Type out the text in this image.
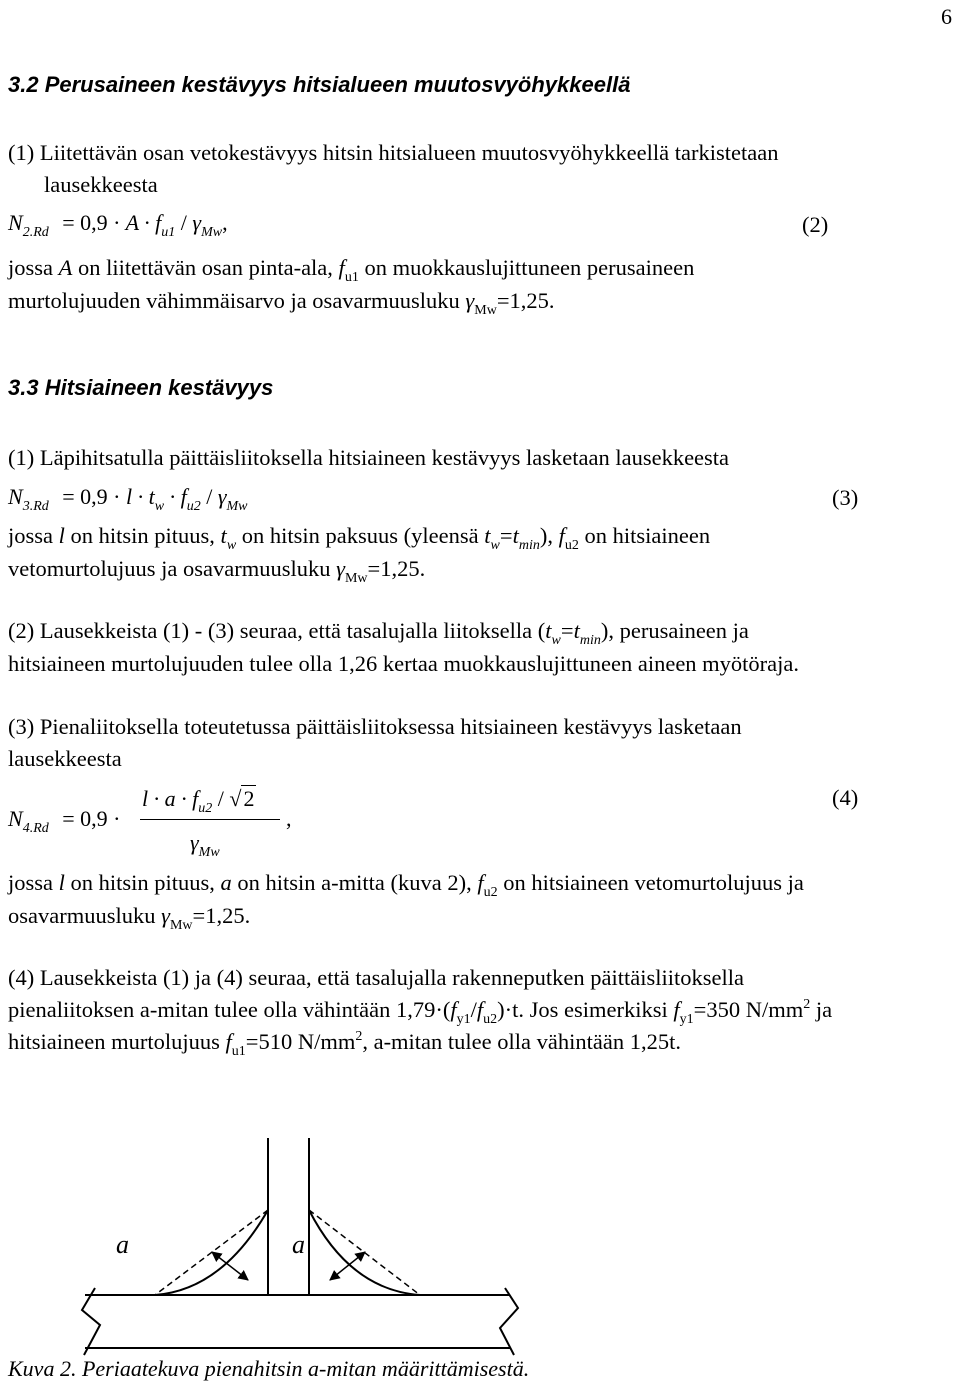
6
3.2 Perusaineen kestävyys hitsialueen muutosvyöhykkeellä
(1) Liitettävän osan vetokestävyys hitsin hitsialueen muutosvyöhykkeellä tarkistetaan
lausekkeesta
$N_{2.Rd} = 0,9 \cdot A \cdot f_{u1} / \gamma_{Mw}$,	(2)
jossa A on liitettävän osan pinta-ala, $f_{u1}$ on muokkauslujittuneen perusaineen
murtolujuuden vähimmäisarvo ja osavarmuusluku $\gamma_{Mw}=1,25$.
3.3 Hitsiaineen kestävyys
(1) Läpihitsatulla päittäisliitoksella hitsiaineen kestävyys lasketaan lausekkeesta
$N_{3.Rd} = 0,9 \cdot l \cdot t_w \cdot f_{u2} / \gamma_{Mw}$	(3)
jossa l on hitsin pituus, $t_w$ on hitsin paksuus (yleensä $t_w=t_{min}$), $f_{u2}$ on hitsiaineen
vetomurtolujuus ja osavarmuusluku $\gamma_{Mw}=1,25$.
(2) Lausekkeista (1) - (3) seuraa, että tasalujalla liitoksella $(t_w=t_{min})$, perusaineen ja
hitsiaineen murtolujuuden tulee olla 1,26 kertaa muokkauslujittuneen aineen myötöraja.
(3) Pienaliitoksella toteutetussa päittäisliitoksessa hitsiaineen kestävyys lasketaan
lausekkeesta
$N_{4.Rd} = 0,9$ ·
$l \cdot a \cdot f_{u2} / √2$
$\gamma_{Mw}$
,
(4)
jossa l on hitsin pituus, a on hitsin a-mitta (kuva 2), $f_{u2}$ on hitsiaineen vetomurtolujuus ja
osavarmuusluku $\gamma_{Mw}=1,25$.
(4) Lausekkeista (1) ja (4) seuraa, että tasalujalla rakenneputken päittäisliitoksella
pienaliitoksen a-mitan tulee olla vähintään $1,79\cdot(f_{y1}/f_{u2})\cdot t$. Jos esimerkiksi $f_{y1}=350$ $N/mm^2$ ja
hitsiaineen murtolujuus $f_{u1}=510$ $N/mm^2$, a-mitan tulee olla vähintään 1,25t.
a	a
Kuva 2. Periaatekuva pienahitsin a-mitan määrittämisestä.
